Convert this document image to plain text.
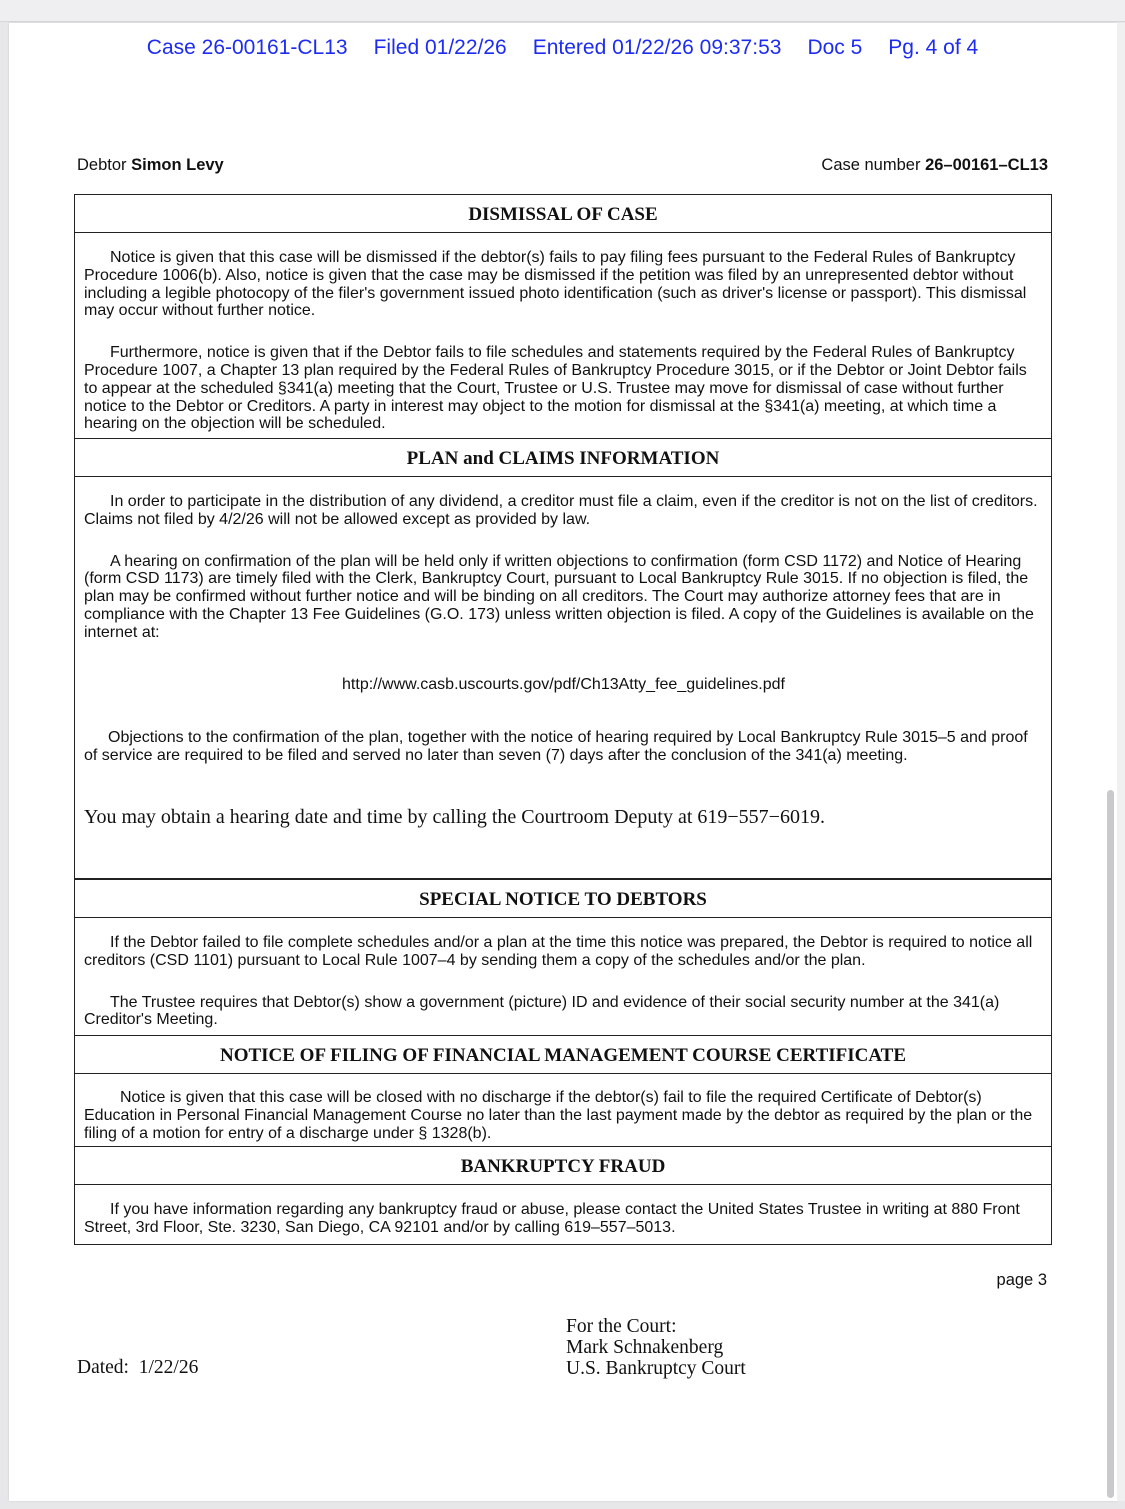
Case 26-00161-CL13 Filed 01/22/26 Entered 01/22/26 09:37:53 Doc 5 Pg. 4 of 4
Debtor Simon Levy	Case number 26–00161–CL13
DISMISSAL OF CASE

Notice is given that this case will be dismissed if the debtor(s) fails to pay filing fees pursuant to the Federal Rules of Bankruptcy Procedure 1006(b). Also, notice is given that the case may be dismissed if the petition was filed by an unrepresented debtor without including a legible photocopy of the filer's government issued photo identification (such as driver's license or passport). This dismissal may occur without further notice.

Furthermore, notice is given that if the Debtor fails to file schedules and statements required by the Federal Rules of Bankruptcy Procedure 1007, a Chapter 13 plan required by the Federal Rules of Bankruptcy Procedure 3015, or if the Debtor or Joint Debtor fails to appear at the scheduled §341(a) meeting that the Court, Trustee or U.S. Trustee may move for dismissal of case without further notice to the Debtor or Creditors. A party in interest may object to the motion for dismissal at the §341(a) meeting, at which time a hearing on the objection will be scheduled.

PLAN and CLAIMS INFORMATION

In order to participate in the distribution of any dividend, a creditor must file a claim, even if the creditor is not on the list of creditors. Claims not filed by 4/2/26 will not be allowed except as provided by law.

A hearing on confirmation of the plan will be held only if written objections to confirmation (form CSD 1172) and Notice of Hearing (form CSD 1173) are timely filed with the Clerk, Bankruptcy Court, pursuant to Local Bankruptcy Rule 3015. If no objection is filed, the plan may be confirmed without further notice and will be binding on all creditors. The Court may authorize attorney fees that are in compliance with the Chapter 13 Fee Guidelines (G.O. 173) unless written objection is filed. A copy of the Guidelines is available on the internet at:

http://www.casb.uscourts.gov/pdf/Ch13Atty_fee_guidelines.pdf

Objections to the confirmation of the plan, together with the notice of hearing required by Local Bankruptcy Rule 3015–5 and proof of service are required to be filed and served no later than seven (7) days after the conclusion of the 341(a) meeting.

You may obtain a hearing date and time by calling the Courtroom Deputy at 619−557−6019.
SPECIAL NOTICE TO DEBTORS

If the Debtor failed to file complete schedules and/or a plan at the time this notice was prepared, the Debtor is required to notice all creditors (CSD 1101) pursuant to Local Rule 1007–4 by sending them a copy of the schedules and/or the plan.

The Trustee requires that Debtor(s) show a government (picture) ID and evidence of their social security number at the 341(a) Creditor's Meeting.

NOTICE OF FILING OF FINANCIAL MANAGEMENT COURSE CERTIFICATE

Notice is given that this case will be closed with no discharge if the debtor(s) fail to file the required Certificate of Debtor(s) Education in Personal Financial Management Course no later than the last payment made by the debtor as required by the plan or the filing of a motion for entry of a discharge under § 1328(b).

BANKRUPTCY FRAUD

If you have information regarding any bankruptcy fraud or abuse, please contact the United States Trustee in writing at 880 Front Street, 3rd Floor, Ste. 3230, San Diego, CA 92101 and/or by calling 619–557–5013.

page 3
For the Court:
Mark Schnakenberg
U.S. Bankruptcy Court
Dated: 1/22/26
